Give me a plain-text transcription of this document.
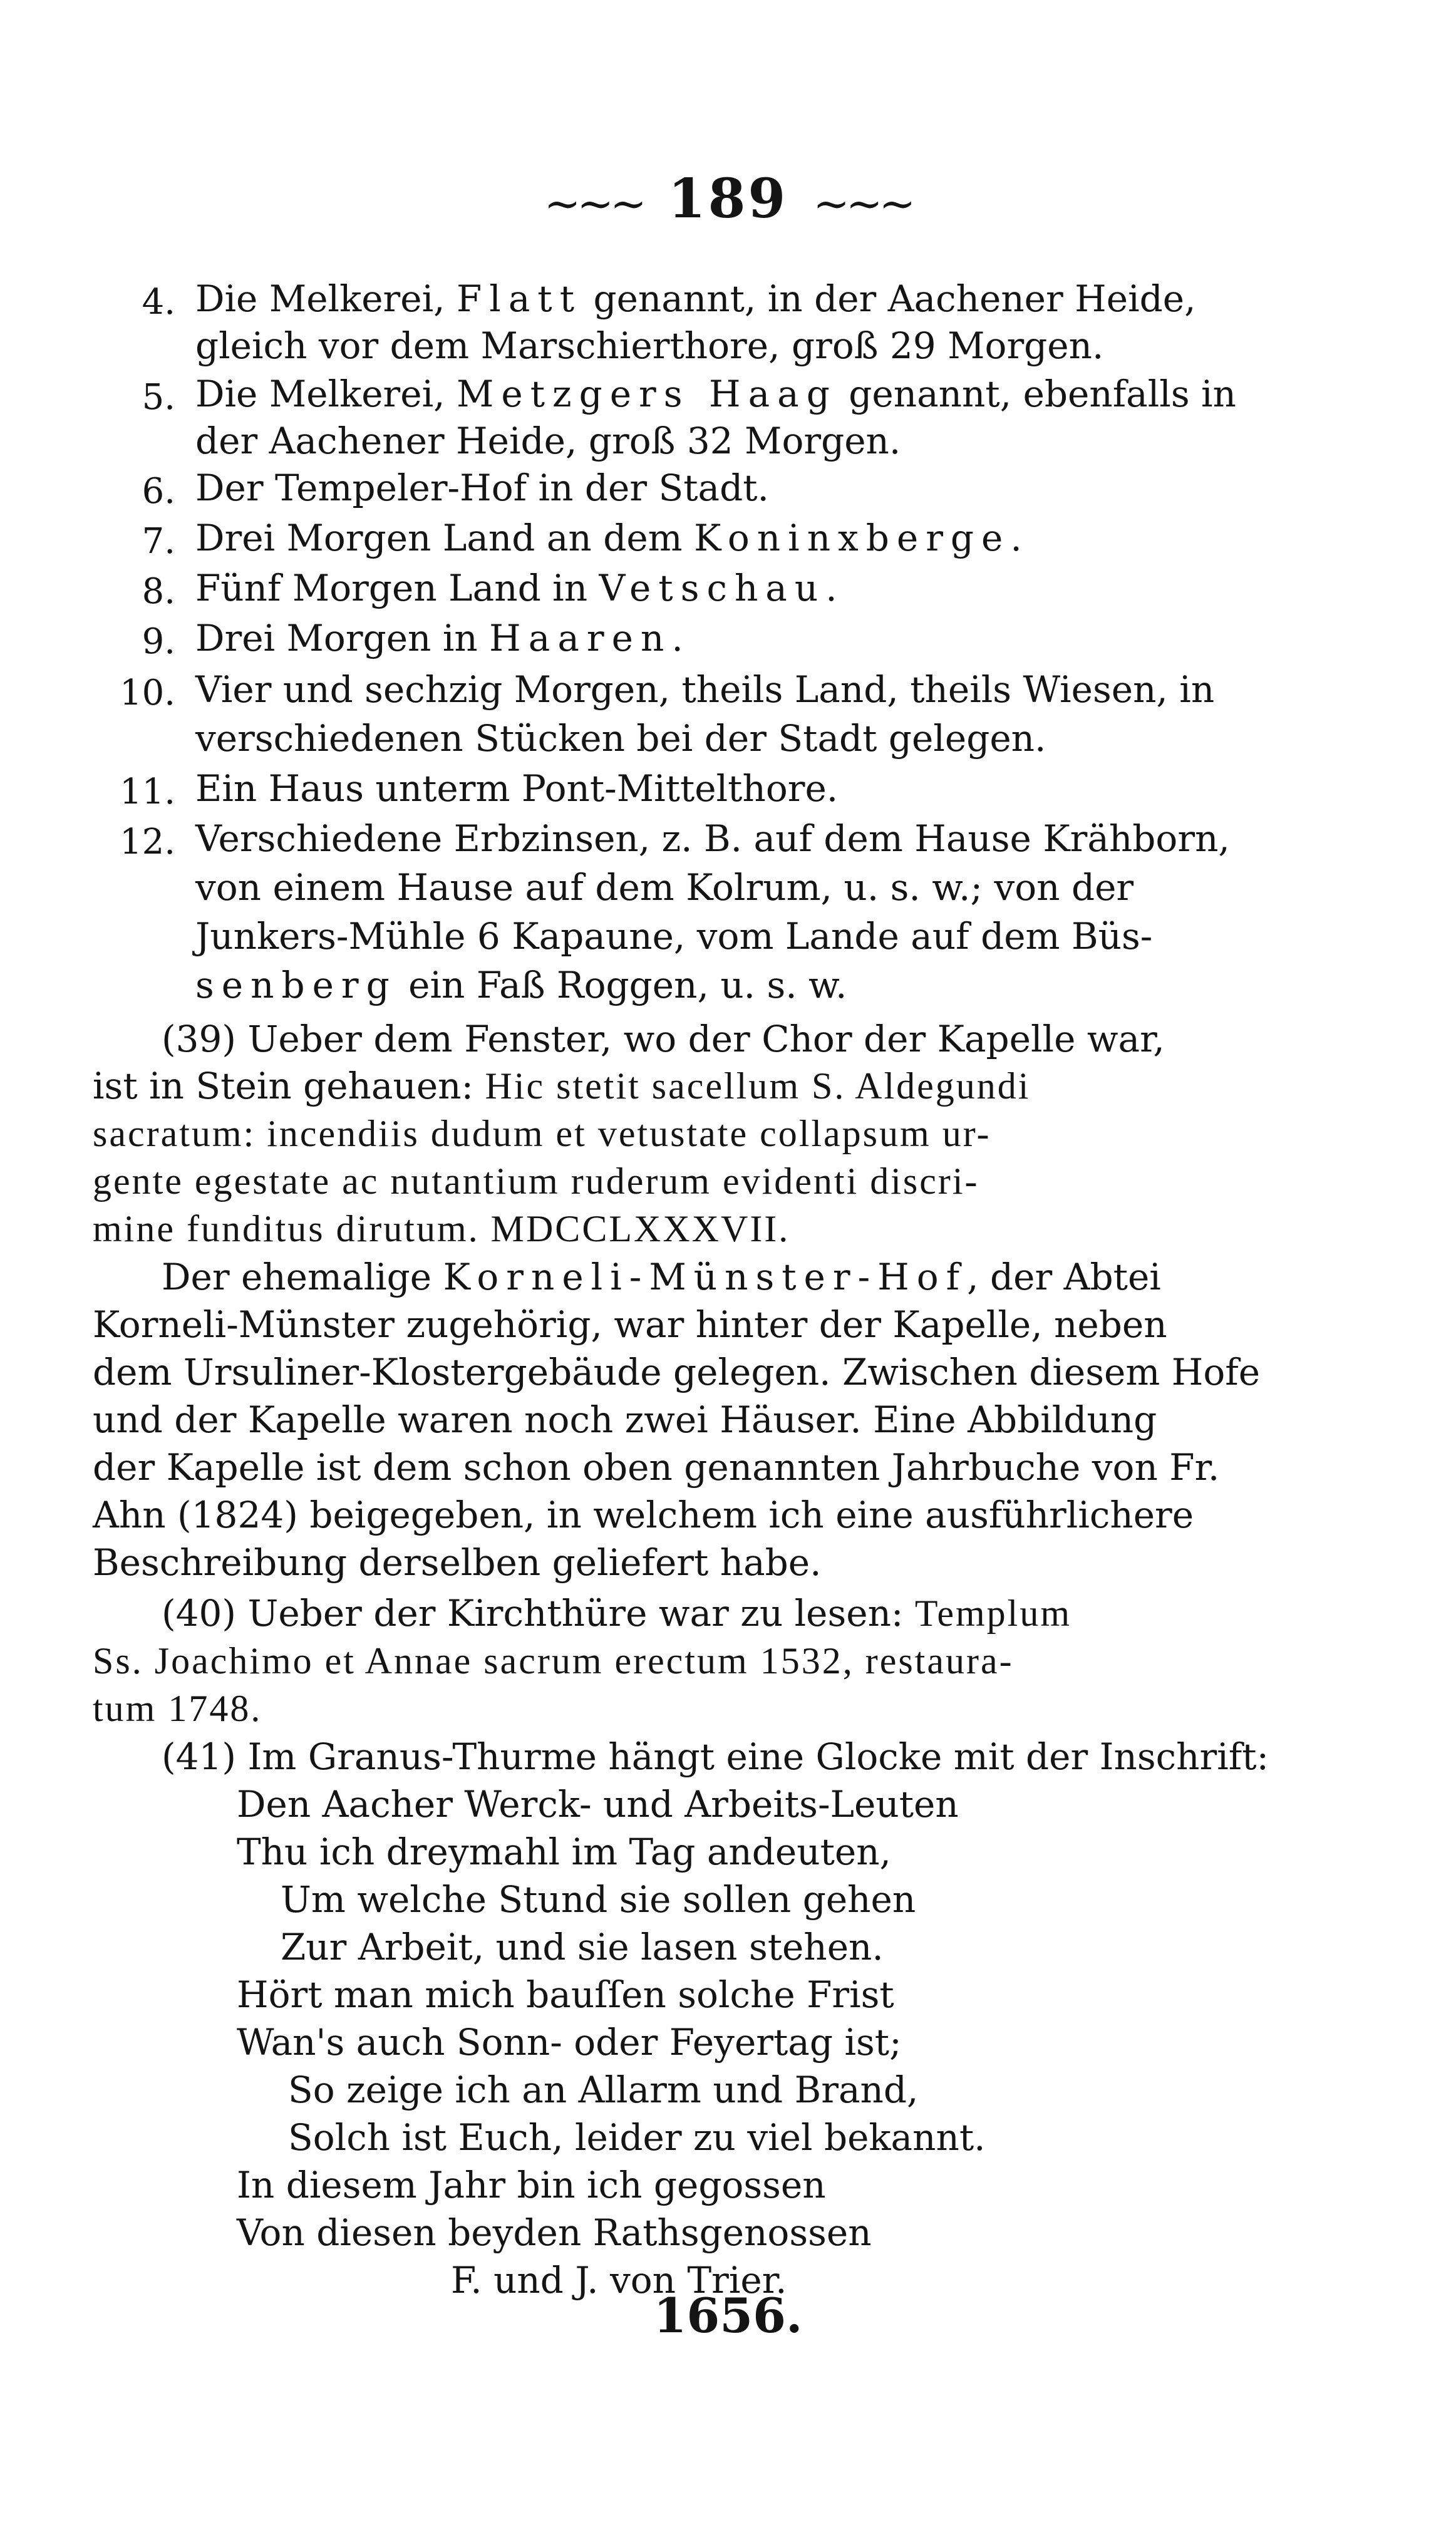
~~~ 189 ~~~
4. Die Melkerei, Flatt genannt, in der Aachener Heide,
gleich vor dem Marschierthore, groß 29 Morgen.
5. Die Melkerei, Metzgers Haag genannt, ebenfalls in
der Aachener Heide, groß 32 Morgen.
6. Der Tempeler-Hof in der Stadt.
7. Drei Morgen Land an dem Koninxberge.
8. Fünf Morgen Land in Vetschau.
9. Drei Morgen in Haaren.
10. Vier und sechzig Morgen, theils Land, theils Wiesen, in
verschiedenen Stücken bei der Stadt gelegen.
11. Ein Haus unterm Pont-Mittelthore.
12. Verschiedene Erbzinsen, z. B. auf dem Hause Krähborn,
von einem Hause auf dem Kolrum, u. s. w.; von der
Junkers-Mühle 6 Kapaune, vom Lande auf dem Büs-
senberg ein Faß Roggen, u. s. w.
(39) Ueber dem Fenster, wo der Chor der Kapelle war,
ist in Stein gehauen: Hic stetit sacellum S. Aldegundi
sacratum: incendiis dudum et vetustate collapsum ur-
gente egestate ac nutantium ruderum evidenti discri-
mine funditus dirutum. MDCCLXXXVII.
Der ehemalige Korneli-Münster-Hof, der Abtei
Korneli-Münster zugehörig, war hinter der Kapelle, neben
dem Ursuliner-Klostergebäude gelegen. Zwischen diesem Hofe
und der Kapelle waren noch zwei Häuser. Eine Abbildung
der Kapelle ist dem schon oben genannten Jahrbuche von Fr.
Ahn (1824) beigegeben, in welchem ich eine ausführlichere
Beschreibung derselben geliefert habe.
(40) Ueber der Kirchthüre war zu lesen: Templum
Ss. Joachimo et Annae sacrum erectum 1532, restaura-
tum 1748.
(41) Im Granus-Thurme hängt eine Glocke mit der Inschrift:
Den Aacher Werck- und Arbeits-Leuten
Thu ich dreymahl im Tag andeuten,
Um welche Stund sie sollen gehen
Zur Arbeit, und sie lasen stehen.
Hört man mich bauſſen solche Frist
Wan's auch Sonn- oder Feyertag ist;
So zeige ich an Allarm und Brand,
Solch ist Euch, leider zu viel bekannt.
In diesem Jahr bin ich gegossen
Von diesen beyden Rathsgenossen
F. und J. von Trier.
1656.
